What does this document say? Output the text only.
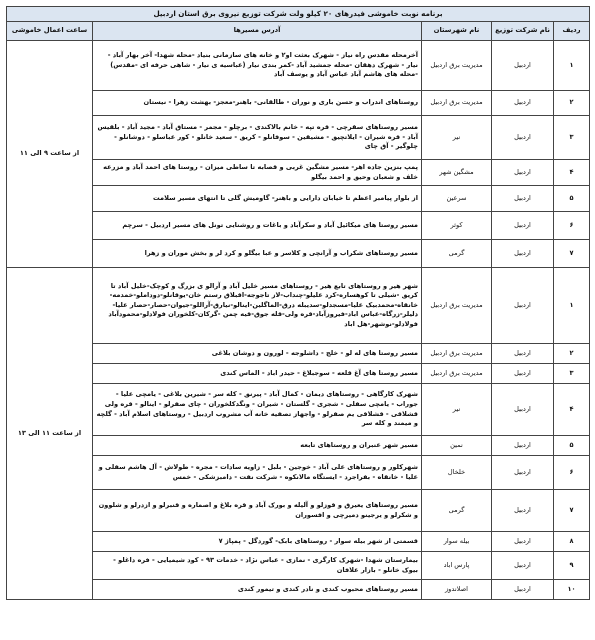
برنامه نوبت خاموشی فیدرهای ۲۰ کیلو ولت شرکت توزیع نیروی برق استان اردبیل				
ردیف	نام شرکت توزیع	نام شهرستان	آدرس مسیرها	ساعت اعمال خاموشی
۱	اردبیل	مدیریت برق اردبیل	آخرمحله مقدس راه نیاز - شهرک بعثت او۲ و خانه های سازمانی بنیاد -محله شهدا- آخر بهار آباد - نیار - شهرک دهقان -محله جمشید آباد -کمر بندی نیار (عباسیه ی نیار - شاهی حرفه ای -مقدس) -محله های هاشم آباد عباس آباد و یوسف آباد	از ساعت ۹ الی ۱۱
۲	اردبیل	مدیریت برق اردبیل	روستاهای اندراب و حسن باری و نوران - طالقانی- باهنر-معجز- بهشت زهرا - نیستان	
۳	اردبیل	نیر	مسیر روستاهای سقرچی - قره تپه - خانم بالاکندی - برچلو - مجمر - مستاق آباد - مجید آباد - بلقیس آباد - قره شیران - ایلاتچیق - مشیقین - سوفانلو - کریق - سعید خانلو - کور عباسلو - دوشانلو - چلوگیر - آق چای	
۴	اردبیل	مشگین شهر	پمپ بنزین جاده اهر- مسیر مشگین غربی و قصابه تا ساطی میزان - روستا های احمد آباد و مزرعه خلف و شعبان وحیق و احمد بیگلو	
۵	اردبیل	سرعین	از بلوار پیامبر اعظم تا خیابان دارایی و باهنر- گاومیش گلی تا انتهای مسیر سلامت	
۶	اردبیل	کوثر	مسیر روستا های میکائیل آباد و سکرآباد و باغات و روشنایی تونل های مسیر اردبیل - سرچم	
۷	اردبیل	گرمی	مسیر روستاهای شکراب و آرانچی و کلاسر و عبا بیگلو و کرد لر و بخش موران و زهرا	
۱	اردبیل	مدیریت برق اردبیل	شهر هیر و روستاهای تابع هیر - روستاهای مسیر خلیل آباد و آرالو ی بزرگ و کوچک-خلیل آباد تا کریق -شیلی تا کوهساره-کرد علیلو-چنداب-لاز تاجوجه-اقبلاق رستم خان-یوقانلو-دوداملو-خمدمه-خانقاه-محمدبیک علیا-مسجدلو-سدیبله درق-الماگلین-اینالو-نیارق-آراللو-جیوان-حصار-حصار علیا-دلیلر-زرگاه-عباس اباد-فیروزآباد-قره ولی-قله جوق-قیه چمن -گرکان-کلخوران فولادلو-محمودآباد فولادلو-نوشهر-هل اباد	از ساعت ۱۱ الی ۱۳
۲	اردبیل	مدیریت برق اردبیل	مسیر روستا های له لو - خلج - داشلوجه - لورون و دوشان بلاغی	
۳	اردبیل	مدیریت برق اردبیل	مسیر روستا های آغ قلعه - سوجبلاغ - حیدر اباد - الماس کندی	
۴	اردبیل	نیر	شهرک کارگاهی - روستاهای دیمان - کمال آباد - پیرنق - کله سر - شیرین بلاغی - یامچی علیا - جوراب - یامچی سفلی - شجری - گلستان - شیران - ونگدکلخوران - چای صفرلو - اینالو - قره ولی قشلاقی - قشلاقی یم صفرلو - واجهاز تصفیه خانه آب مشروب اردبیل - روستاهای اسلام آباد - گلچه و میمند و کله سر	
۵	اردبیل	نمین	مسیر شهر عنبران و روستاهای تابعه	
۶	اردبیل	خلخال	شهرکلور و روستاهای علی آباد - خوجین - بلبل - زاویه سادات - مجره - طولاش - آل هاشم سفلی و علیا - خانقاه - بفراجرد - ایستگاه مالانکوه - شرکت نفت - دامبزشکی - خمس	
۷	اردبیل	گرمی	مسیر روستاهای یعیرق و قوزلو و آلیله و بورک آباد و قره بلاغ و اصماره و قنبرلو و ازدرلو و شلوون و شکرلو و یرجینو دمیرچی و افسوران	
۸	اردبیل	بیله سوار	قسمتی از شهر بیله سوار - روستاهای بابک- گوردگل - پمپاژ ۷	
۹	اردبیل	پارس اباد	بیمارستان شهدا -شهرک کارگری - نمازی - عباس نژاد - خدمات ۹۳ - کود شیمیایی - فره داغلو - بیوک خانلو - بازار علافان	
۱۰	اردبیل	اصلاندوز	مسیر روستاهای محبوب کندی و نادر کندی و تیمور کندی	
